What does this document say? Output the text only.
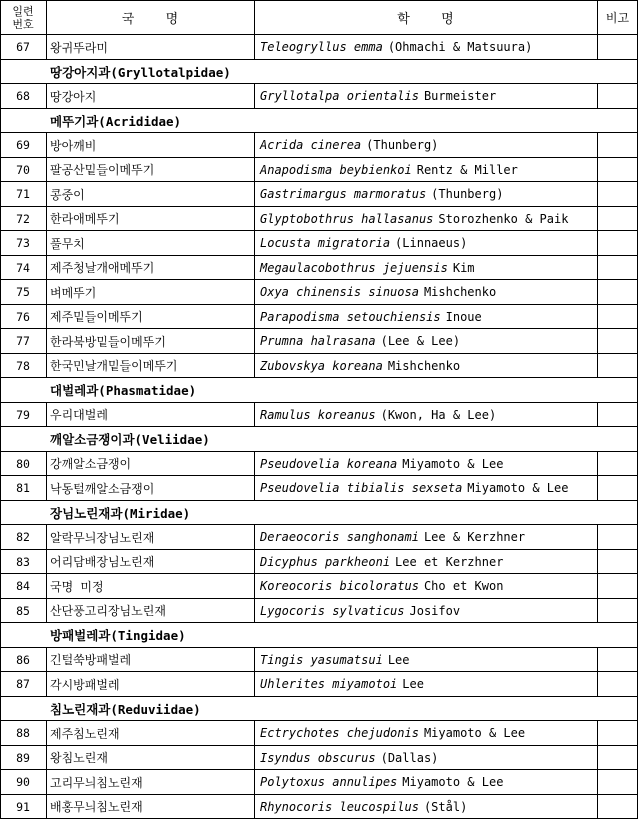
일련
번호	국    명	학    명	비고
67	왕귀뚜라미	Teleogryllus emma (Ohmachi & Matsuura)
땅강아지과(Gryllotalpidae)
68	땅강아지	Gryllotalpa orientalis Burmeister
메뚜기과(Acrididae)
69	방아깨비	Acrida cinerea (Thunberg)
70	팔공산밑들이메뚜기	Anapodisma beybienkoi Rentz & Miller
71	콩중이	Gastrimargus marmoratus (Thunberg)
72	한라애메뚜기	Glyptobothrus hallasanus Storozhenko & Paik
73	풀무치	Locusta migratoria (Linnaeus)
74	제주청날개애메뚜기	Megaulacobothrus jejuensis Kim
75	벼메뚜기	Oxya chinensis sinuosa Mishchenko
76	제주밑들이메뚜기	Parapodisma setouchiensis Inoue
77	한라북방밑들이메뚜기	Prumna halrasana (Lee & Lee)
78	한국민날개밑들이메뚜기	Zubovskya koreana Mishchenko
대벌레과(Phasmatidae)
79	우리대벌레	Ramulus koreanus (Kwon, Ha & Lee)
깨알소금쟁이과(Veliidae)
80	강깨알소금쟁이	Pseudovelia koreana Miyamoto & Lee
81	낙동털깨알소금쟁이	Pseudovelia tibialis sexseta Miyamoto & Lee
장님노린재과(Miridae)
82	알락무늬장님노린재	Deraeocoris sanghonami Lee & Kerzhner
83	어리담배장님노린재	Dicyphus parkheoni Lee et Kerzhner
84	국명 미정	Koreocoris bicoloratus Cho et Kwon
85	산단풍고리장님노린재	Lygocoris sylvaticus Josifov
방패벌레과(Tingidae)
86	긴털쑥방패벌레	Tingis yasumatsui Lee
87	각시방패벌레	Uhlerites miyamotoi Lee
침노린재과(Reduviidae)
88	제주침노린재	Ectrychotes chejudonis Miyamoto & Lee
89	왕침노린재	Isyndus obscurus (Dallas)
90	고리무늬침노린재	Polytoxus annulipes Miyamoto & Lee
91	배홍무늬침노린재	Rhynocoris leucospilus (Stål)
